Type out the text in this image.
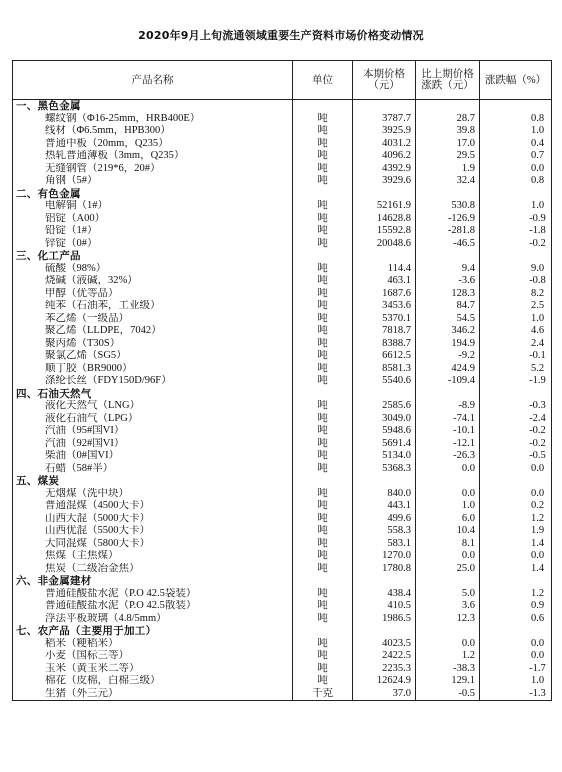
2020年9月上旬流通领域重要生产资料市场价格变动情况
产品名称	单位	本期价格（元）	比上期价格涨跌（元）	涨跌幅（%）
一、黑色金属				
螺纹钢（Φ16-25mm，HRB400E）	吨	3787.7	28.7	0.8
线材（Φ6.5mm，HPB300）	吨	3925.9	39.8	1.0
普通中板（20mm，Q235）	吨	4031.2	17.0	0.4
热轧普通薄板（3mm，Q235）	吨	4096.2	29.5	0.7
无缝钢管（219*6，20#）	吨	4392.9	1.9	0.0
角钢（5#）	吨	3929.6	32.4	0.8
二、有色金属				
电解铜（1#）	吨	52161.9	530.8	1.0
铝锭（A00）	吨	14628.8	-126.9	-0.9
铅锭（1#）	吨	15592.8	-281.8	-1.8
锌锭（0#）	吨	20048.6	-46.5	-0.2
三、化工产品				
硫酸（98%）	吨	114.4	9.4	9.0
烧碱（液碱，32%）	吨	463.1	-3.6	-0.8
甲醇（优等品）	吨	1687.6	128.3	8.2
纯苯（石油苯，工业级）	吨	3453.6	84.7	2.5
苯乙烯（一级品）	吨	5370.1	54.5	1.0
聚乙烯（LLDPE，7042）	吨	7818.7	346.2	4.6
聚丙烯（T30S）	吨	8388.7	194.9	2.4
聚氯乙烯（SG5）	吨	6612.5	-9.2	-0.1
顺丁胶（BR9000）	吨	8581.3	424.9	5.2
涤纶长丝（FDY150D/96F）	吨	5540.6	-109.4	-1.9
四、石油天然气				
液化天然气（LNG）	吨	2585.6	-8.9	-0.3
液化石油气（LPG）	吨	3049.0	-74.1	-2.4
汽油（95#国VI）	吨	5948.6	-10.1	-0.2
汽油（92#国VI）	吨	5691.4	-12.1	-0.2
柴油（0#国VI）	吨	5134.0	-26.3	-0.5
石蜡（58#半）	吨	5368.3	0.0	0.0
五、煤炭				
无烟煤（洗中块）	吨	840.0	0.0	0.0
普通混煤（4500大卡）	吨	443.1	1.0	0.2
山西大混（5000大卡）	吨	499.6	6.0	1.2
山西优混（5500大卡）	吨	558.3	10.4	1.9
大同混煤（5800大卡）	吨	583.1	8.1	1.4
焦煤（主焦煤）	吨	1270.0	0.0	0.0
焦炭（二级冶金焦）	吨	1780.8	25.0	1.4
六、非金属建材				
普通硅酸盐水泥（P.O 42.5袋装）	吨	438.4	5.0	1.2
普通硅酸盐水泥（P.O 42.5散装）	吨	410.5	3.6	0.9
浮法平板玻璃（4.8/5mm）	吨	1986.5	12.3	0.6
七、农产品（主要用于加工）				
稻米（粳稻米）	吨	4023.5	0.0	0.0
小麦（国标三等）	吨	2422.5	1.2	0.0
玉米（黄玉米二等）	吨	2235.3	-38.3	-1.7
棉花（皮棉，白棉三级）	吨	12624.9	129.1	1.0
生猪（外三元）	千克	37.0	-0.5	-1.3
